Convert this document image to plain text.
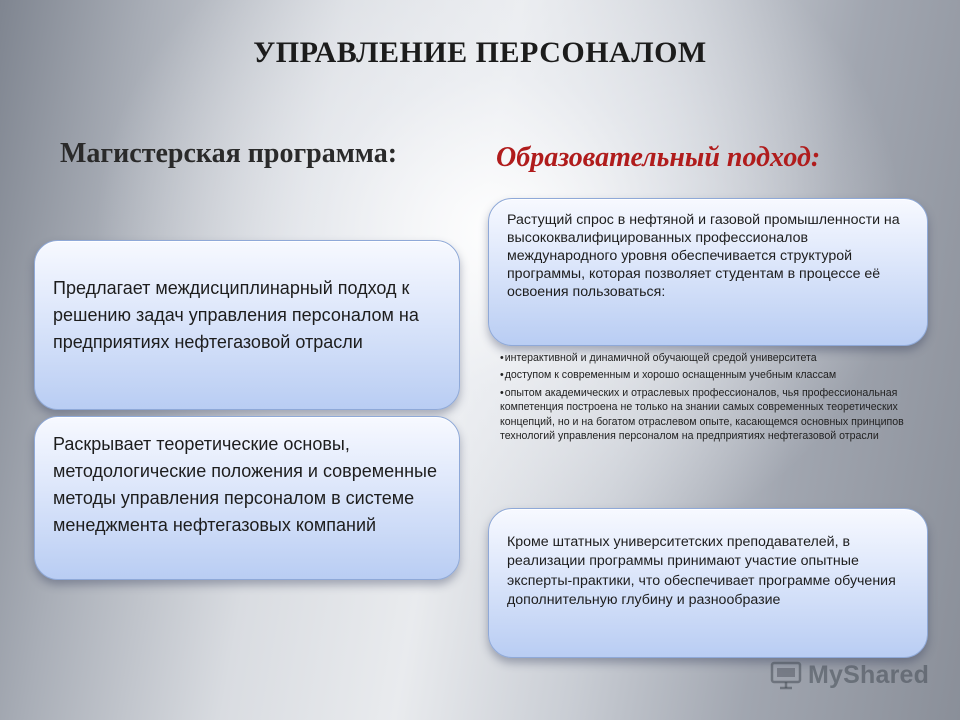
УПРАВЛЕНИЕ ПЕРСОНАЛОМ
Магистерская программа:	Образовательный подход:
Предлагает междисциплинарный подход к решению задач управления персоналом на предприятиях нефтегазовой отрасли
Раскрывает теоретические основы, методологические положения и современные методы управления персоналом в системе менеджмента нефтегазовых компаний
Растущий спрос в нефтяной и газовой промышленности на высококвалифицированных профессионалов международного уровня обеспечивается структурой программы, которая позволяет студентам в процессе её освоения пользоваться:
• интерактивной и динамичной обучающей средой университета
• доступом к современным и хорошо оснащенным учебным классам
• опытом академических и отраслевых профессионалов, чья профессиональная компетенция построена не только на знании самых современных теоретических концепций, но и на богатом отраслевом опыте, касающемся основных принципов технологий управления персоналом на предприятиях нефтегазовой отрасли
Кроме штатных университетских преподавателей, в реализации программы принимают участие опытные эксперты-практики, что обеспечивает программе обучения дополнительную глубину и разнообразие
MyShared
